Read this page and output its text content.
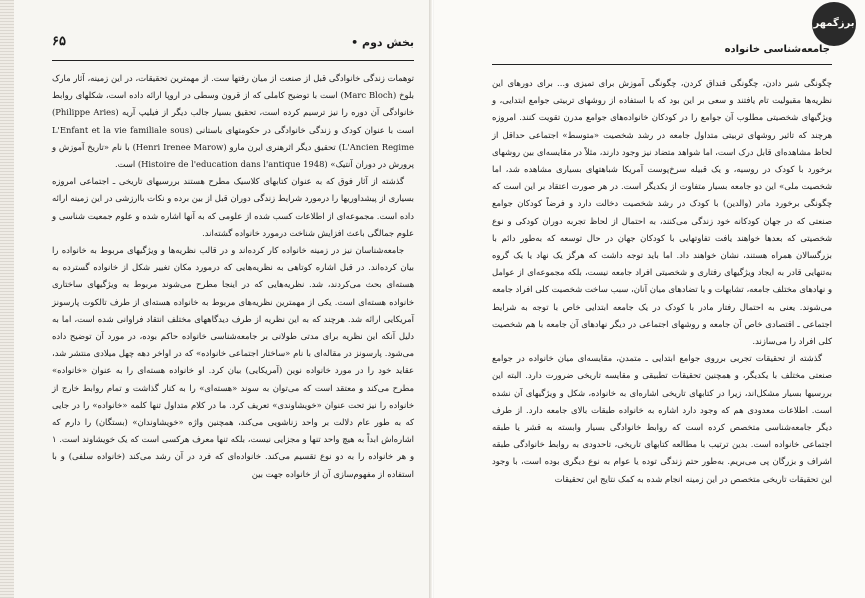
بخش دوم •
۶۵

توهمات زندگی خانوادگی قبل از صنعت از میان رفتها ست. از مهمترین تحقیقات، در این زمینه، آثار مارک بلوخ (Marc Bloch) است با توضیح کاملی که از قرون وسطی در اروپا ارائه داده است، شکلهای روابط خانوادگی آن دوره را نیز ترسیم کرده است، تحقیق بسیار جالب دیگر از فیلیپ آریه (Philippe Aries) است با عنوان کودک و زندگی خانوادگی در حکومتهای باستانی (L'Enfant et la vie familiale sous L'Ancien Regime) تحقیق دیگر اثرهنری ایرن مارو (Henri Irenee Marow) با نام «تاریخ آموزش و پرورش در دوران آنتیک» (Histoire de l'education dans l'antique 1948) است.

گذشته از آثار فوق که به عنوان کتابهای کلاسیک مطرح هستند بررسیهای تاریخی ـ اجتماعی امروزه بسیاری از پیشداوریها را درمورد شرایط زندگی دوران قبل از بین برده و نکات باارزشی در این زمینه ارائه داده است. مجموعه‌ای از اطلاعات کسب شده از علومی که به آنها اشاره شده و علوم جمعیت شناسی و علوم جمالگی باعث افزایش شناخت درمورد خانواده گشته‌اند.

جامعه‌شناسان نیز در زمینه خانواده کار کرده‌اند و در قالب نظریه‌ها و ویژگیهای مربوط به خانواده را بیان کرده‌اند. در قبل اشاره کوتاهی به نظریه‌هایی که درمورد مکان تغییر شکل از خانواده گسترده به هسته‌ای بحث می‌کردند، شد. نظریه‌هایی که در اینجا مطرح می‌شوند مربوط به ویژگیهای ساختاری خانواده هسته‌ای است. یکی از مهمترین نظریه‌های مربوط به خانواده هسته‌ای از طرف تالکوت پارسونز آمریکایی ارائه شد. هرچند که به این نظریه از طرف دیدگاههای مختلف انتقاد فراوانی شده است، اما به دلیل آنکه این نظریه برای مدتی طولانی بر جامعه‌شناسی خانواده حاکم بوده، در مورد آن توضیح داده می‌شود. پارسونز در مقاله‌ای با نام «ساختار اجتماعی خانواده» که در اواخر دهه چهل میلادی منتشر شد، عقاید خود را در مورد خانواده نوین (آمریکایی) بیان کرد. او خانواده هسته‌ای را به عنوان «خانواده» مطرح می‌کند و معتقد است که می‌توان به سوند «هسته‌ای» را به کنار گذاشت و تمام روابط خارج از خانواده را نیز تحت عنوان «خویشاوندی» تعریف کرد. ما در کلام متداول تنها کلمه «خانواده» را در جایی که به طور عام دلالت بر واحد زناشویی می‌کند، همچنین واژه «خویشاوندان» (بستگان) را دارم که اشاره‌اش ابداً به هیچ واحد تنها و مجزایی نیست، بلکه تنها معرف هرکسی است که یک خویشاوند است. ۱ و هر خانواده را به دو نوع تقسیم می‌کند. خانواده‌ای که فرد در آن رشد می‌کند (خانواده سلفی) و با استفاده از مفهوم‌سازی آن از خانواده جهت بین

برزگمهر
جامعه‌شناسی خانواده

چگونگی شیر دادن، چگونگی قنداق کردن، چگونگی آموزش برای تمیزی و... برای دورهای این نظریه‌ها مقبولیت تام یافتند و سعی بر این بود که با استفاده از روشهای تربیتی جوامع ابتدایی، و ویژگیهای شخصیتی مطلوب آن جوامع را در کودکان خانواده‌های جوامع مدرن تقویت کنند. امروزه هرچند که تاثیر روشهای تربیتی متداول جامعه در رشد شخصیت «متوسط» اجتماعی حداقل از لحاظ مشاهده‌ای قابل درک است، اما شواهد متضاد نیز وجود دارند، مثلاً در مقایسه‌ای بین روشهای برخورد با کودک در روسیه، و یک قبیله سرخ‌پوست آمریکا شباهتهای بسیاری مشاهده شد، اما شخصیت ملی» این دو جامعه بسیار متفاوت از یکدیگر است. در هر صورت اعتقاد بر این است که چگونگی برخورد مادر (والدین) با کودک در رشد شخصیت دخالت دارد و فرضاً کودکان جوامع صنعتی که در جهان کودکانه خود زندگی می‌کنند، به احتمال از لحاظ تجربه دوران کودکی و نوع شخصیتی که بعدها خواهند یافت تفاوتهایی با کودکان جهان در حال توسعه که به‌طور دائم با بزرگسالان همراه هستند، نشان خواهند داد. اما باید توجه داشت که هرگز یک نهاد یا یک گروه به‌تنهایی قادر به ایجاد ویژگیهای رفتاری و شخصیتی افراد جامعه نیست، بلکه مجموعه‌ای از عوامل و نهادهای مختلف جامعه، تشابهات و یا تضادهای میان آنان، سبب ساخت شخصیت کلی افراد جامعه می‌شوند. یعنی به احتمال رفتار مادر با کودک در یک جامعه ابتدایی خاص با توجه به شرایط اجتماعی ـ اقتصادی خاص آن جامعه و روشهای اجتماعی در دیگر نهادهای آن جامعه با هم شخصیت کلی افراد را می‌سازند.

گذشته از تحقیقات تجربی برروی جوامع ابتدایی ـ متمدن، مقایسه‌ای میان خانواده در جوامع صنعتی مختلف با یکدیگر، و همچنین تحقیقات تطبیقی و مقایسه تاریخی ضرورت دارد. البته این بررسیها بسیار مشکل‌اند، زیرا در کتابهای تاریخی اشاره‌ای به خانواده، شکل و ویژگیهای آن نشده است. اطلاعات معدودی هم که وجود دارد اشاره به خانواده طبقات بالای جامعه دارد. از طرف دیگر جامعه‌شناسی متخصص کرده است که روابط خانوادگی بسیار وابسته به قشر یا طبقه اجتماعی خانواده است. بدین ترتیب با مطالعه کتابهای تاریخی، تاحدودی به روابط خانوادگی طبقه اشراف و بزرگان پی می‌بریم. به‌طور حتم زندگی توده یا عوام به نوع دیگری بوده است، با وجود این تحقیقات تاریخی متخصص در این زمینه انجام شده به کمک نتایج این تحقیقات
